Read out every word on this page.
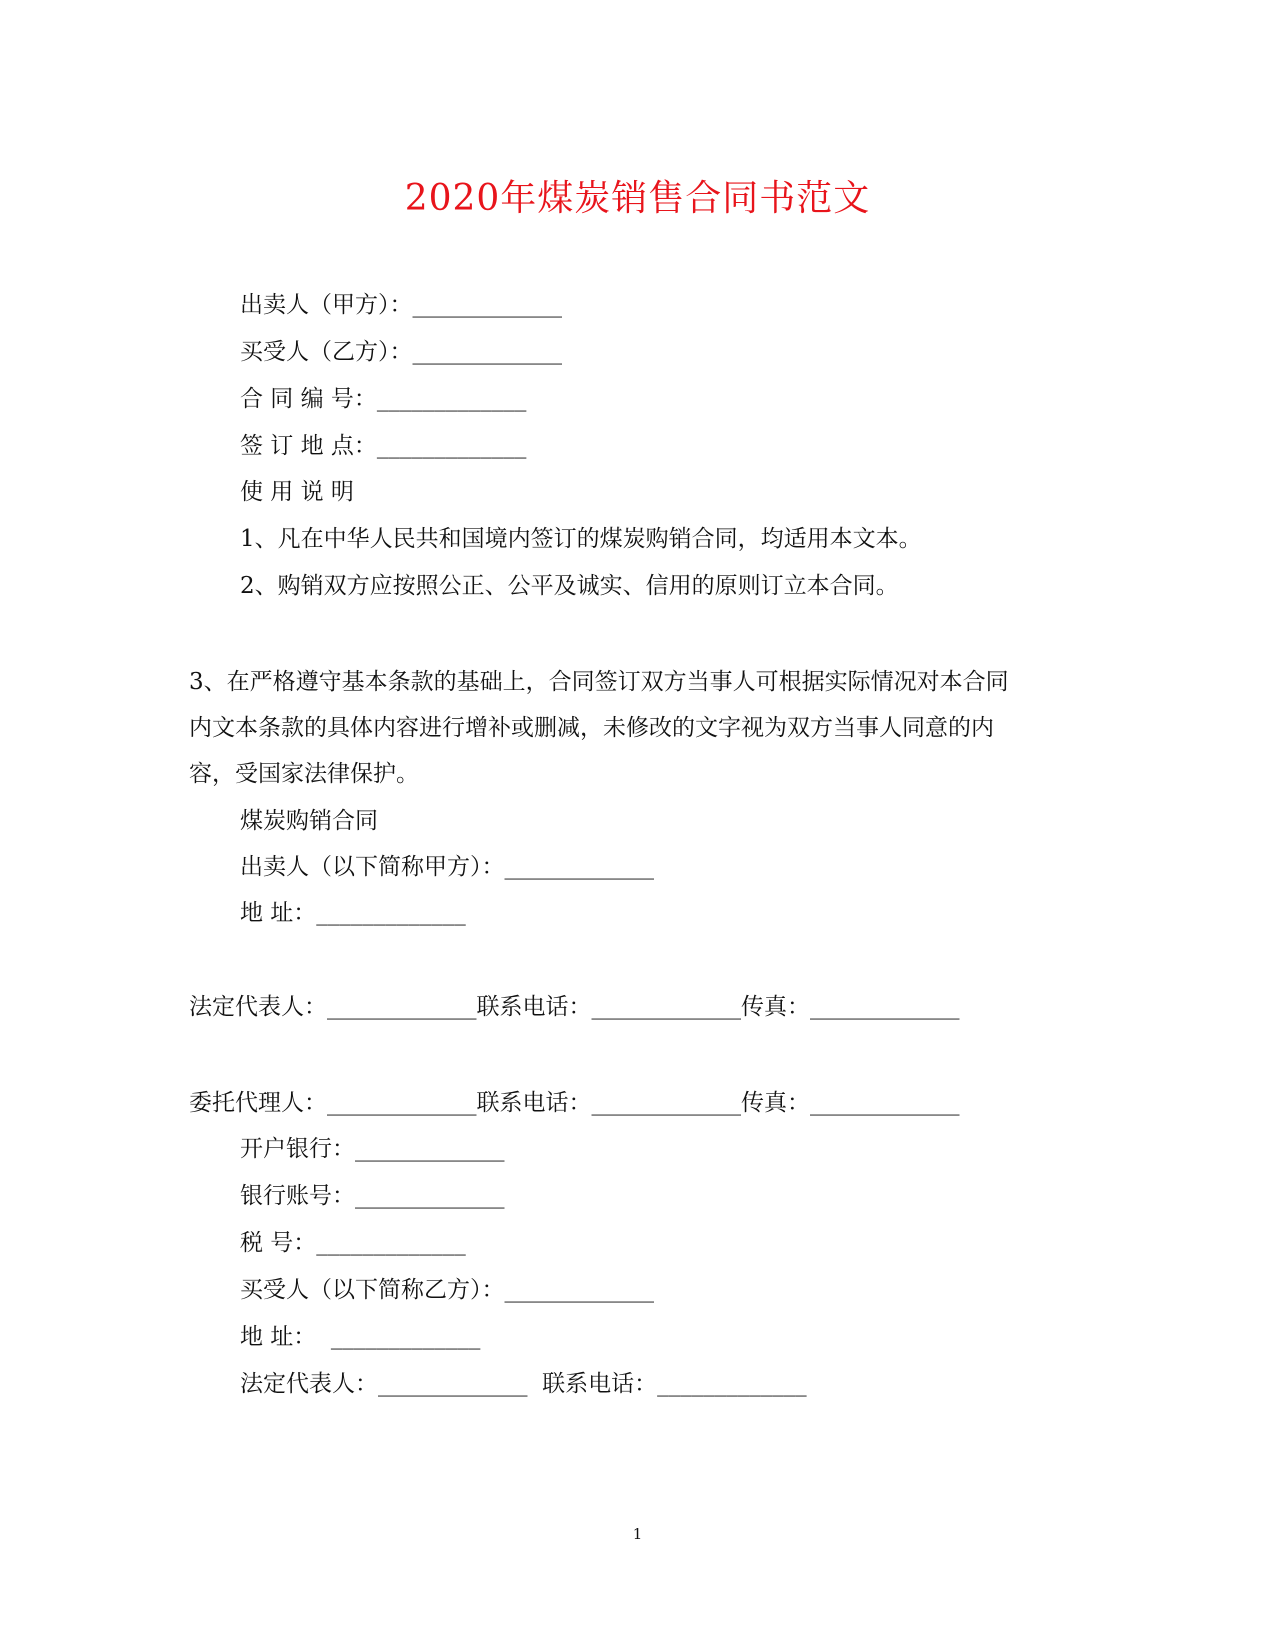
2020年煤炭销售合同书范文

出卖人（甲方）：_____________

买受人（乙方）：_____________

合 同 编 号：_____________

签 订 地 点：_____________

使 用 说 明

1、凡在中华人民共和国境内签订的煤炭购销合同，均适用本文本。

2、购销双方应按照公正、公平及诚实、信用的原则订立本合同。

3、在严格遵守基本条款的基础上，合同签订双方当事人可根据实际情况对本合同

内文本条款的具体内容进行增补或删减，未修改的文字视为双方当事人同意的内

容，受国家法律保护。

煤炭购销合同

出卖人（以下简称甲方）：_____________

地 址：_____________

法定代表人：_____________联系电话：_____________传真：_____________

委托代理人：_____________联系电话：_____________传真：_____________

开户银行：_____________

银行账号：_____________

税 号：_____________

买受人（以下简称乙方）：_____________

地 址：  _____________

法定代表人：_____________  联系电话：_____________

1
